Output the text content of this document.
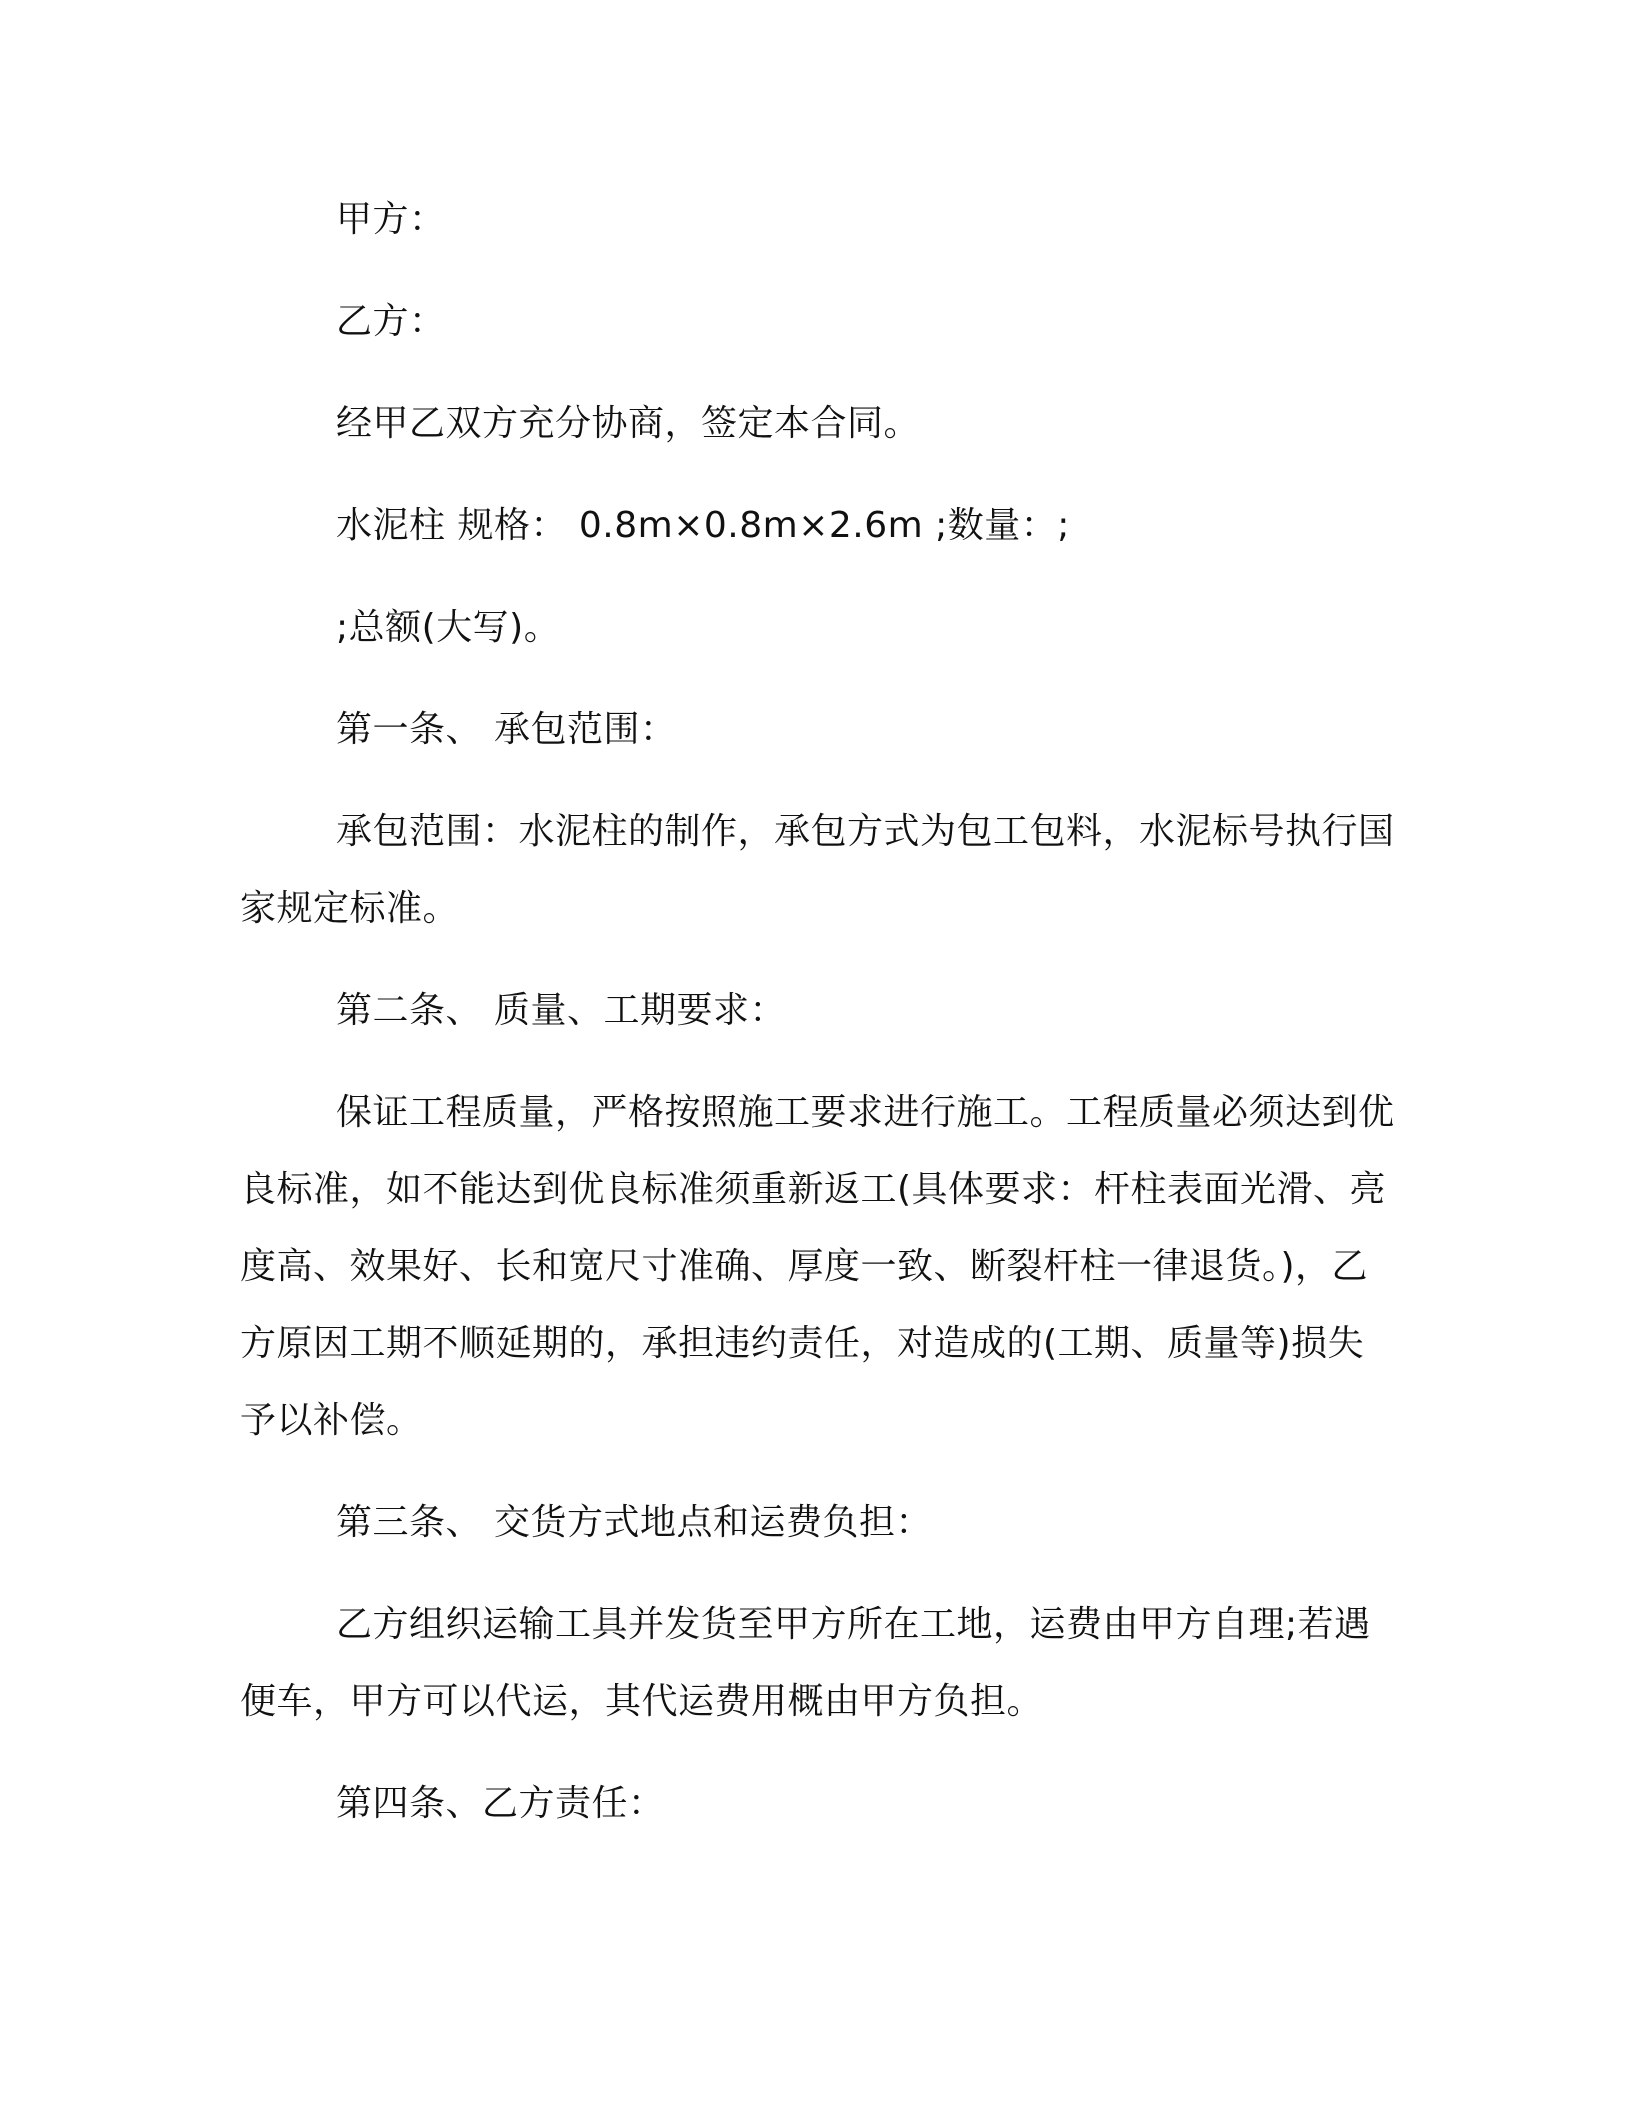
甲方：

乙方：

经甲乙双方充分协商，签定本合同。

水泥柱 规格： 0.8m×0.8m×2.6m ;数量：;

;总额(大写)。

第一条、 承包范围：

承包范围：水泥柱的制作，承包方式为包工包料，水泥标号执行国家规定标准。

第二条、 质量、工期要求：

保证工程质量，严格按照施工要求进行施工。工程质量必须达到优良标准，如不能达到优良标准须重新返工(具体要求：杆柱表面光滑、亮度高、效果好、长和宽尺寸准确、厚度一致、断裂杆柱一律退货。)，乙方原因工期不顺延期的，承担违约责任，对造成的(工期、质量等)损失予以补偿。

第三条、 交货方式地点和运费负担：

乙方组织运输工具并发货至甲方所在工地，运费由甲方自理;若遇便车，甲方可以代运，其代运费用概由甲方负担。

第四条、乙方责任：
